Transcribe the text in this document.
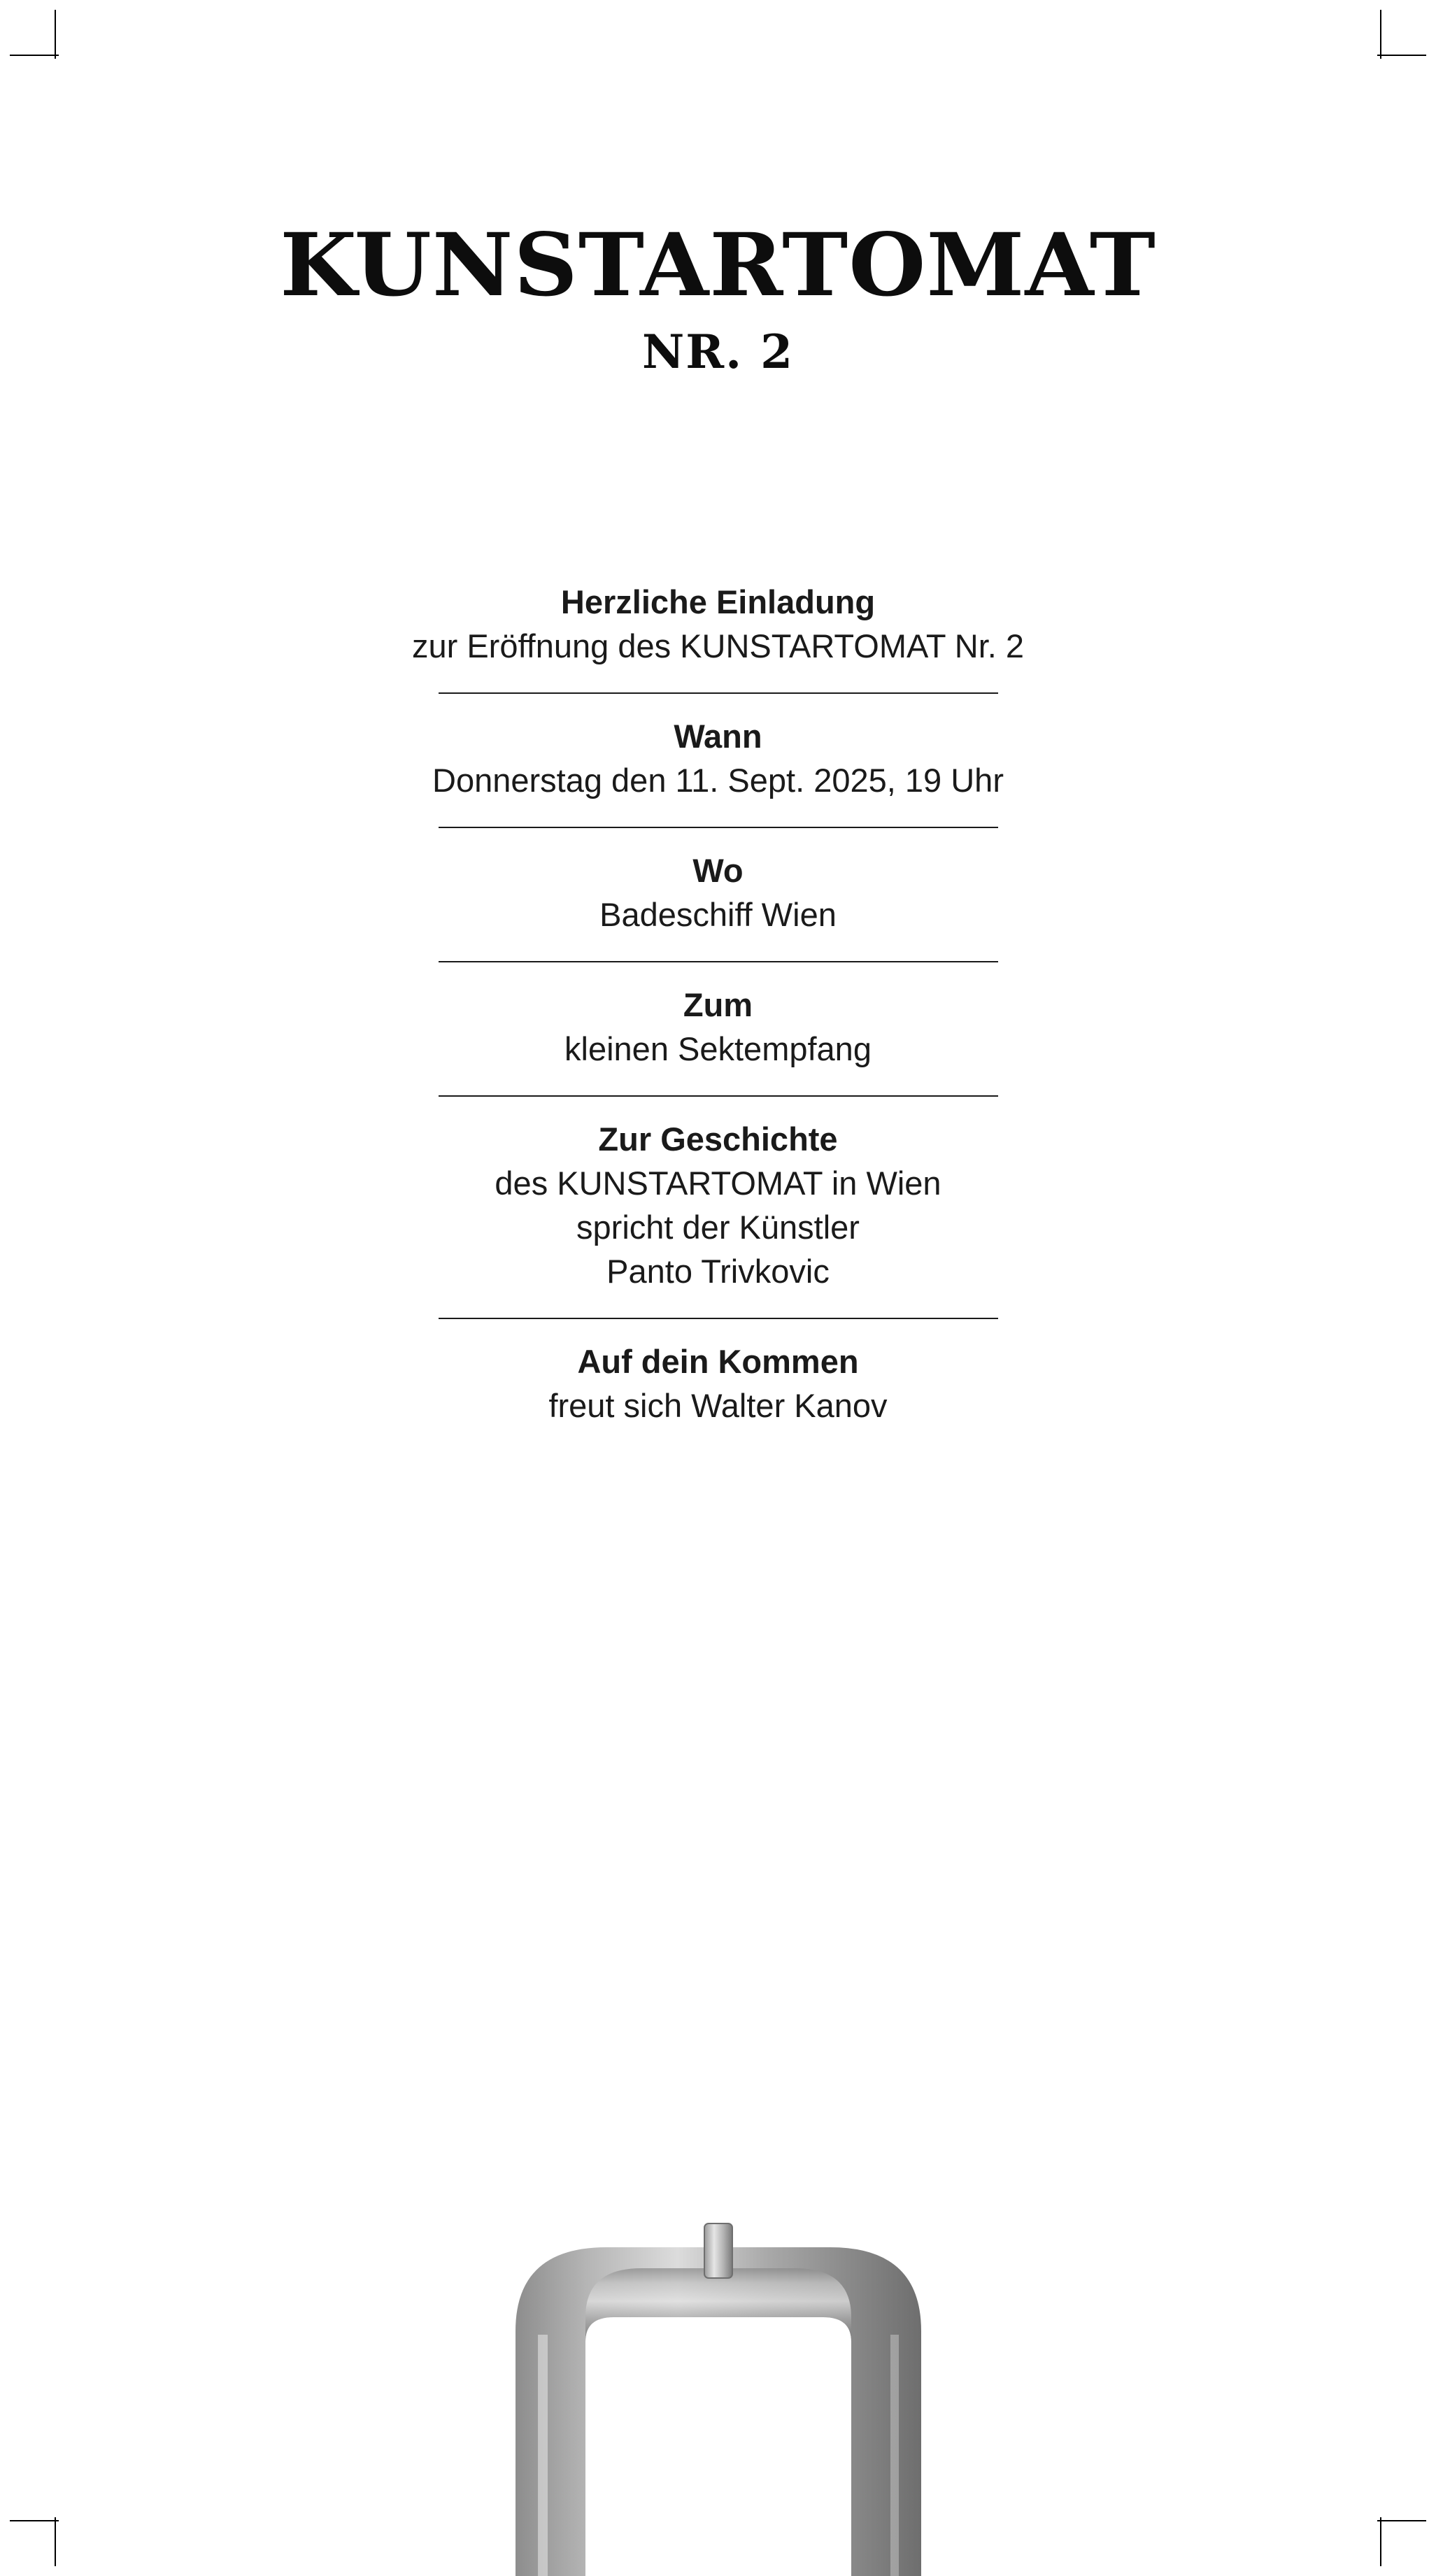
KUNSTARTOMAT
NR. 2
Herzliche Einladung
zur Eröffnung des KUNSTARTOMAT Nr. 2
Wann
Donnerstag den 11. Sept. 2025, 19 Uhr
Wo
Badeschiff Wien
Zum
kleinen Sektempfang
Zur Geschichte
des KUNSTARTOMAT in Wien
spricht der Künstler
Panto Trivkovic
Auf dein Kommen
freut sich Walter Kanov
